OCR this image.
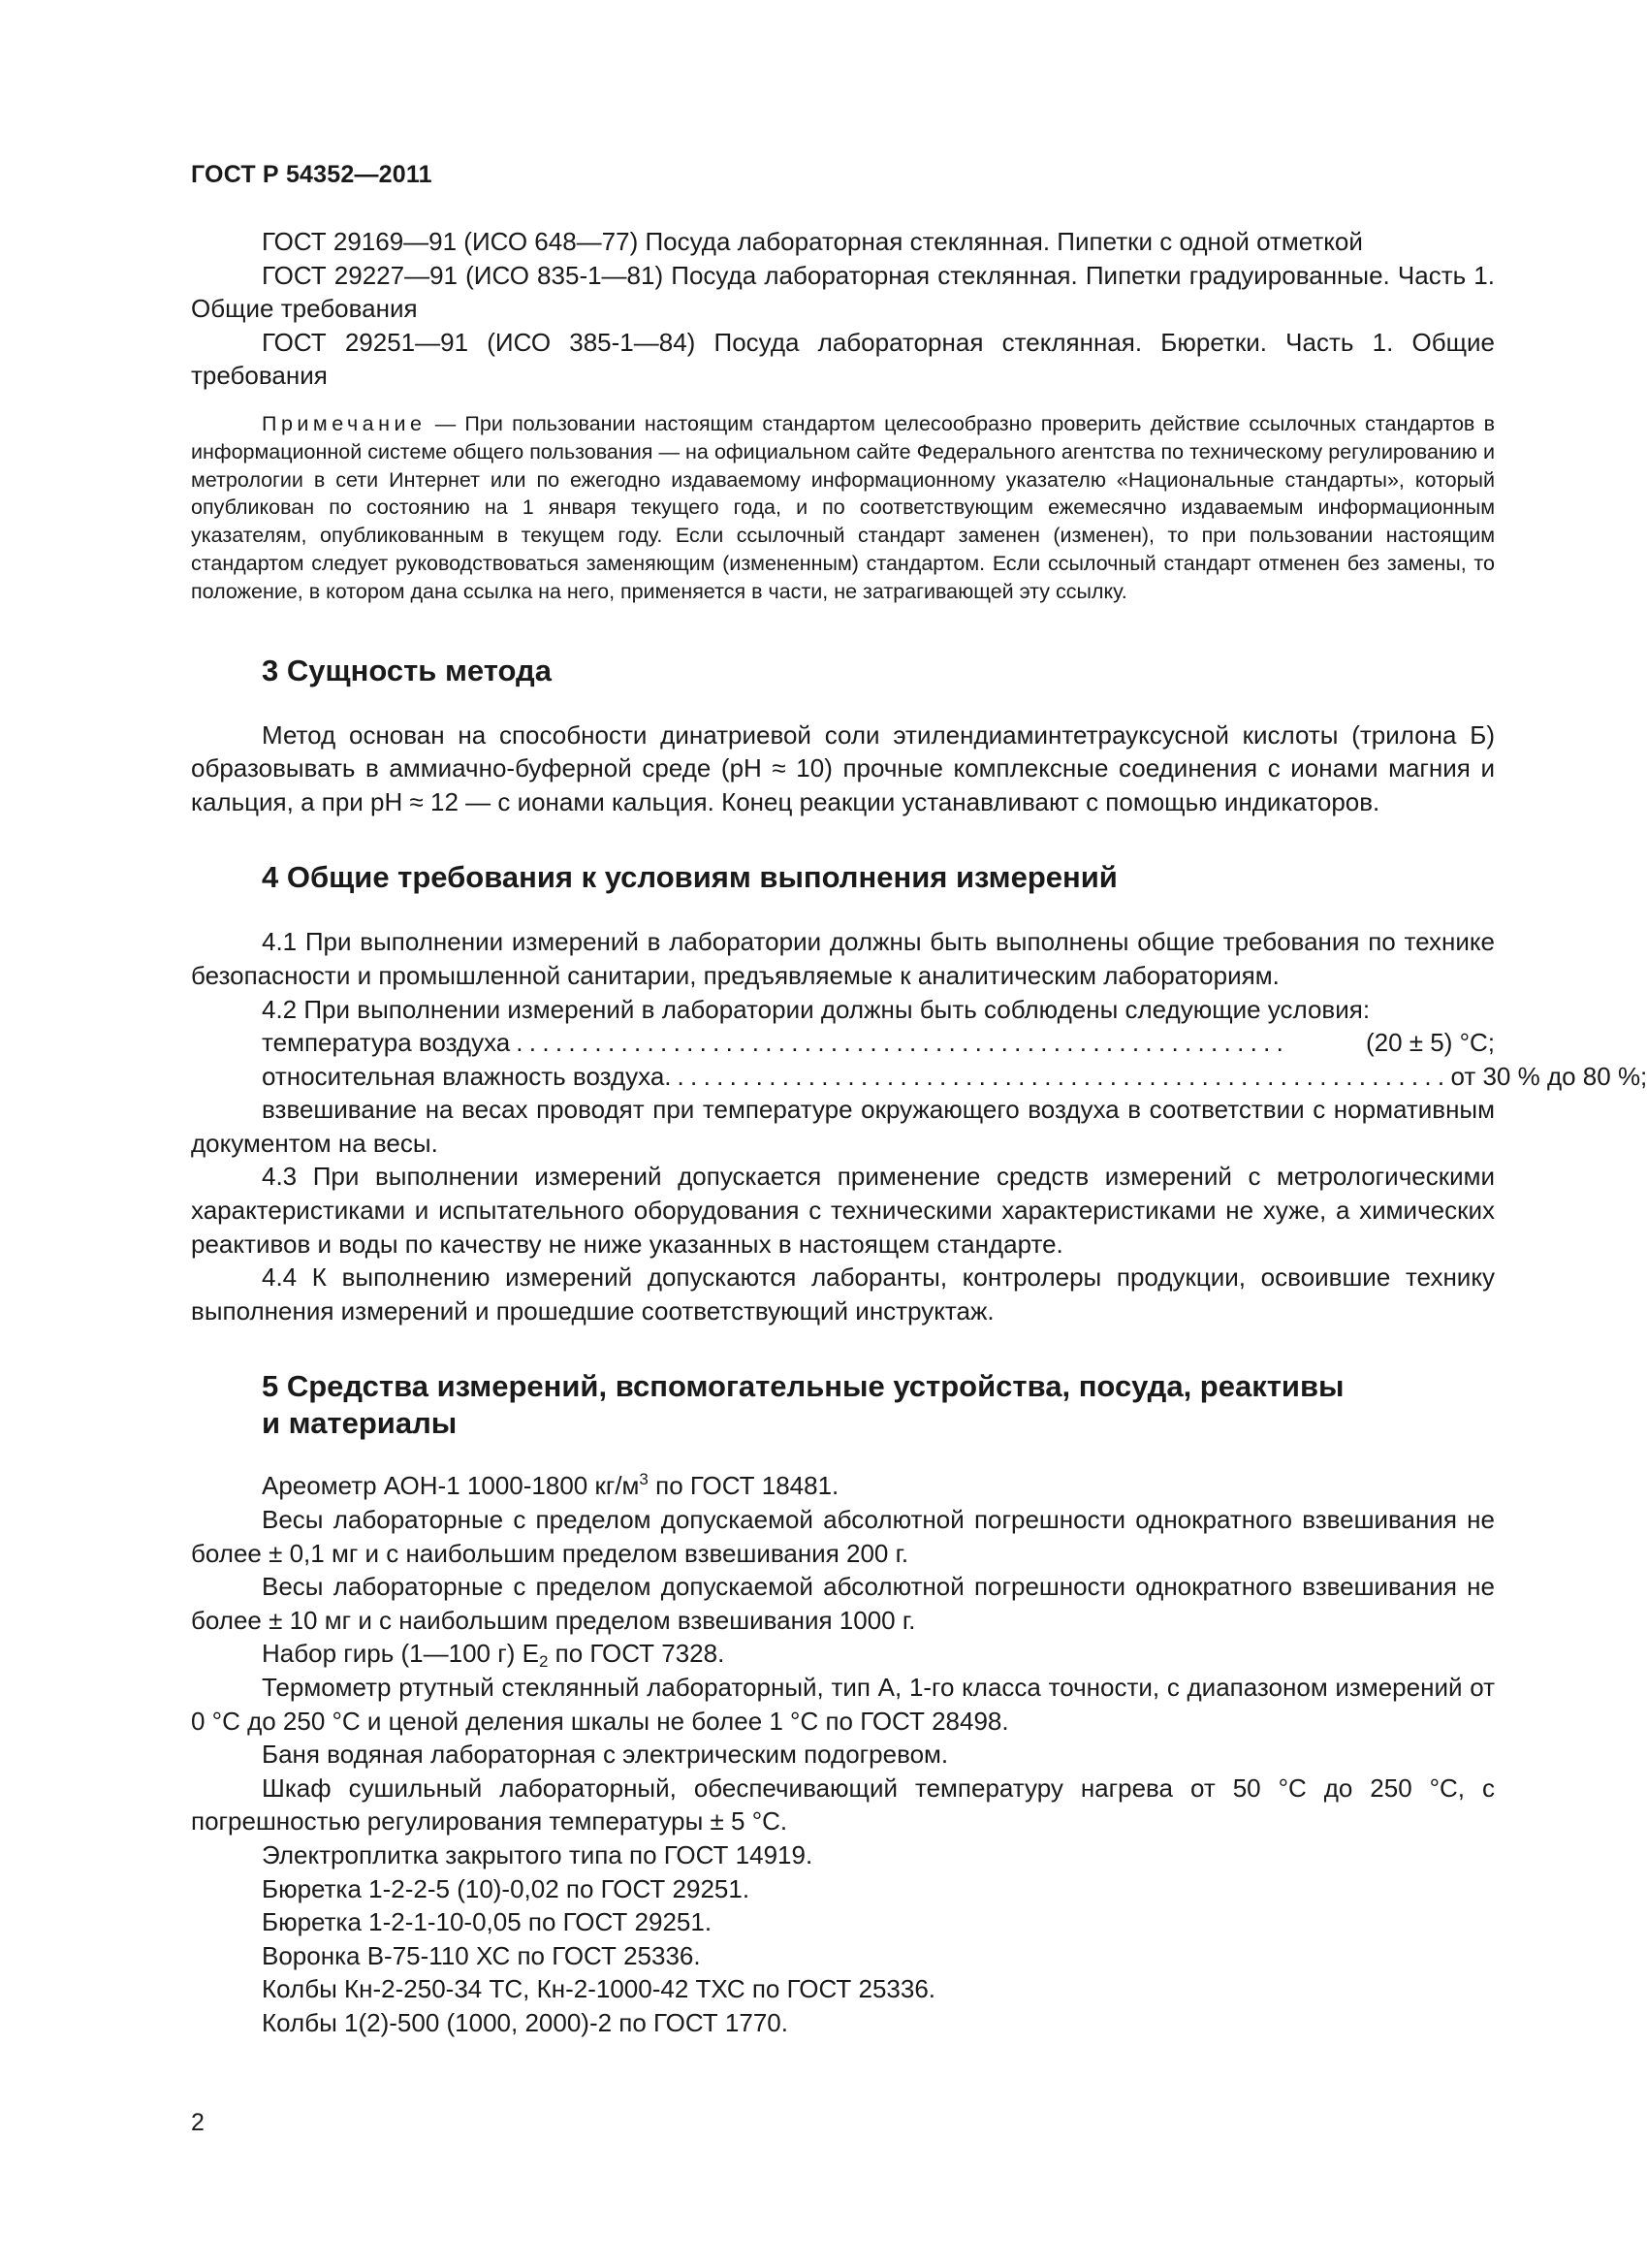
ГОСТ Р 54352—2011

ГОСТ 29169—91 (ИСО 648—77) Посуда лабораторная стеклянная. Пипетки с одной отметкой

ГОСТ 29227—91 (ИСО 835-1—81) Посуда лабораторная стеклянная. Пипетки градуированные. Часть 1. Общие требования

ГОСТ 29251—91 (ИСО 385-1—84) Посуда лабораторная стеклянная. Бюретки. Часть 1. Общие требования

Примечание — При пользовании настоящим стандартом целесообразно проверить действие ссылочных стандартов в информационной системе общего пользования — на официальном сайте Федерального агентства по техническому регулированию и метрологии в сети Интернет или по ежегодно издаваемому информационному указателю «Национальные стандарты», который опубликован по состоянию на 1 января текущего года, и по соответствующим ежемесячно издаваемым информационным указателям, опубликованным в текущем году. Если ссылочный стандарт заменен (изменен), то при пользовании настоящим стандартом следует руководствоваться заменяющим (измененным) стандартом. Если ссылочный стандарт отменен без замены, то положение, в котором дана ссылка на него, применяется в части, не затрагивающей эту ссылку.

3 Сущность метода

Метод основан на способности динатриевой соли этилендиаминтетрауксусной кислоты (трилона Б) образовывать в аммиачно-буферной среде (pH ≈ 10) прочные комплексные соединения с ионами магния и кальция, а при pH ≈ 12 — с ионами кальция. Конец реакции устанавливают с помощью индикаторов.

4 Общие требования к условиям выполнения измерений

4.1 При выполнении измерений в лаборатории должны быть выполнены общие требования по технике безопасности и промышленной санитарии, предъявляемые к аналитическим лабораториям.

4.2 При выполнении измерений в лаборатории должны быть соблюдены следующие условия:

температура воздуха ...........................................................	(20 ± 5) °С;
относительная влажность воздуха. ........................................................... от 30 % до 80 %;

взвешивание на весах проводят при температуре окружающего воздуха в соответствии с нормативным документом на весы.

4.3 При выполнении измерений допускается применение средств измерений с метрологическими характеристиками и испытательного оборудования с техническими характеристиками не хуже, а химических реактивов и воды по качеству не ниже указанных в настоящем стандарте.

4.4 К выполнению измерений допускаются лаборанты, контролеры продукции, освоившие технику выполнения измерений и прошедшие соответствующий инструктаж.

5 Средства измерений, вспомогательные устройства, посуда, реактивы
и материалы

Ареометр АОН-1 1000-1800 $кг/м^3$ по ГОСТ 18481.

Весы лабораторные с пределом допускаемой абсолютной погрешности однократного взвешивания не более ± 0,1 мг и с наибольшим пределом взвешивания 200 г.

Весы лабораторные с пределом допускаемой абсолютной погрешности однократного взвешивания не более ± 10 мг и с наибольшим пределом взвешивания 1000 г.

Набор гирь (1—100 г) $E_2$ по ГОСТ 7328.

Термометр ртутный стеклянный лабораторный, тип А, 1-го класса точности, с диапазоном измерений от 0 °С до 250 °С и ценой деления шкалы не более 1 °С по ГОСТ 28498.

Баня водяная лабораторная с электрическим подогревом.

Шкаф сушильный лабораторный, обеспечивающий температуру нагрева от 50 °С до 250 °С, с погрешностью регулирования температуры ± 5 °С.

Электроплитка закрытого типа по ГОСТ 14919.

Бюретка 1-2-2-5 (10)-0,02 по ГОСТ 29251.

Бюретка 1-2-1-10-0,05 по ГОСТ 29251.

Воронка В-75-110 ХС по ГОСТ 25336.

Колбы Кн-2-250-34 ТС, Кн-2-1000-42 ТХС по ГОСТ 25336.

Колбы 1(2)-500 (1000, 2000)-2 по ГОСТ 1770.

2
